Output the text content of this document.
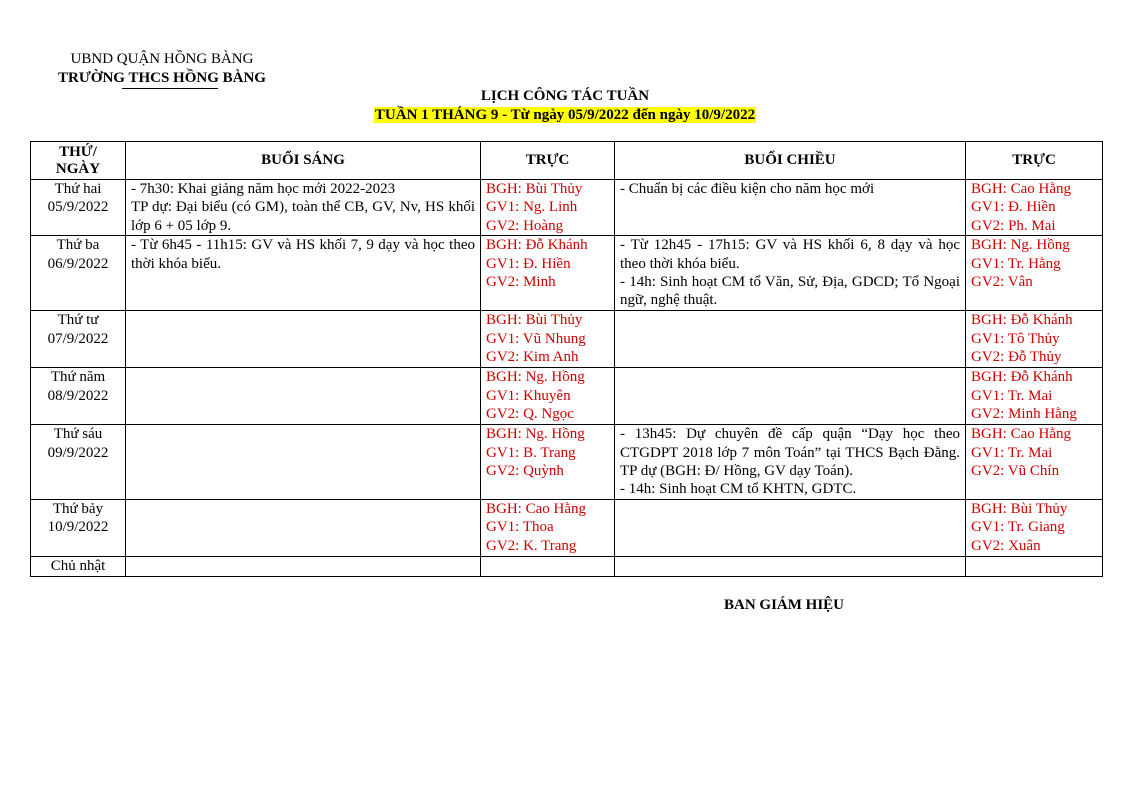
UBND QUẬN HỒNG BÀNG
TRƯỜNG THCS HỒNG BÀNG
LỊCH CÔNG TÁC TUẦN
TUẦN 1 THÁNG 9 - Từ ngày 05/9/2022 đến ngày 10/9/2022
THỨ/ NGÀY	BUỔI SÁNG	TRỰC	BUỔI CHIỀU	TRỰC

Thứ hai
05/9/2022	- 7h30: Khai giảng năm học mới 2022-2023
TP dự: Đại biểu (có GM), toàn thể CB, GV, Nv, HS khối lớp 6 + 05 lớp 9.	BGH: Bùi Thủy
GV1: Ng. Linh
GV2: Hoàng	- Chuẩn bị các điều kiện cho năm học mới	BGH: Cao Hằng
GV1: Đ. Hiền
GV2: Ph. Mai

Thứ ba
06/9/2022	- Từ 6h45 - 11h15: GV và HS khối 7, 9 dạy và học theo thời khóa biểu.	BGH: Đỗ Khánh
GV1: Đ. Hiền
GV2: Minh	- Từ 12h45 - 17h15: GV và HS khối 6, 8 dạy và học theo thời khóa biểu.
- 14h: Sinh hoạt CM tổ Văn, Sử, Địa, GDCD; Tổ Ngoại ngữ, nghệ thuật.	BGH: Ng. Hồng
GV1: Tr. Hằng
GV2: Vân

Thứ tư
07/9/2022		BGH: Bùi Thủy
GV1: Vũ Nhung
GV2: Kim Anh		BGH: Đỗ Khánh
GV1: Tô Thủy
GV2: Đỗ Thủy

Thứ năm
08/9/2022		BGH: Ng. Hồng
GV1: Khuyên
GV2: Q. Ngọc		BGH: Đỗ Khánh
GV1: Tr. Mai
GV2: Minh Hằng

Thứ sáu
09/9/2022		BGH: Ng. Hồng
GV1: B. Trang
GV2: Quỳnh	- 13h45: Dự chuyên đề cấp quận “Dạy học theo CTGDPT 2018 lớp 7 môn Toán” tại THCS Bạch Đằng. TP dự (BGH: Đ/ Hồng, GV dạy Toán).
- 14h: Sinh hoạt CM tổ KHTN, GDTC.	BGH: Cao Hằng
GV1: Tr. Mai
GV2: Vũ Chín

Thứ bảy
10/9/2022		BGH: Cao Hằng
GV1: Thoa
GV2: K. Trang		BGH: Bùi Thủy
GV1: Tr. Giang
GV2: Xuân

Chủ nhật				

BAN GIÁM HIỆU
